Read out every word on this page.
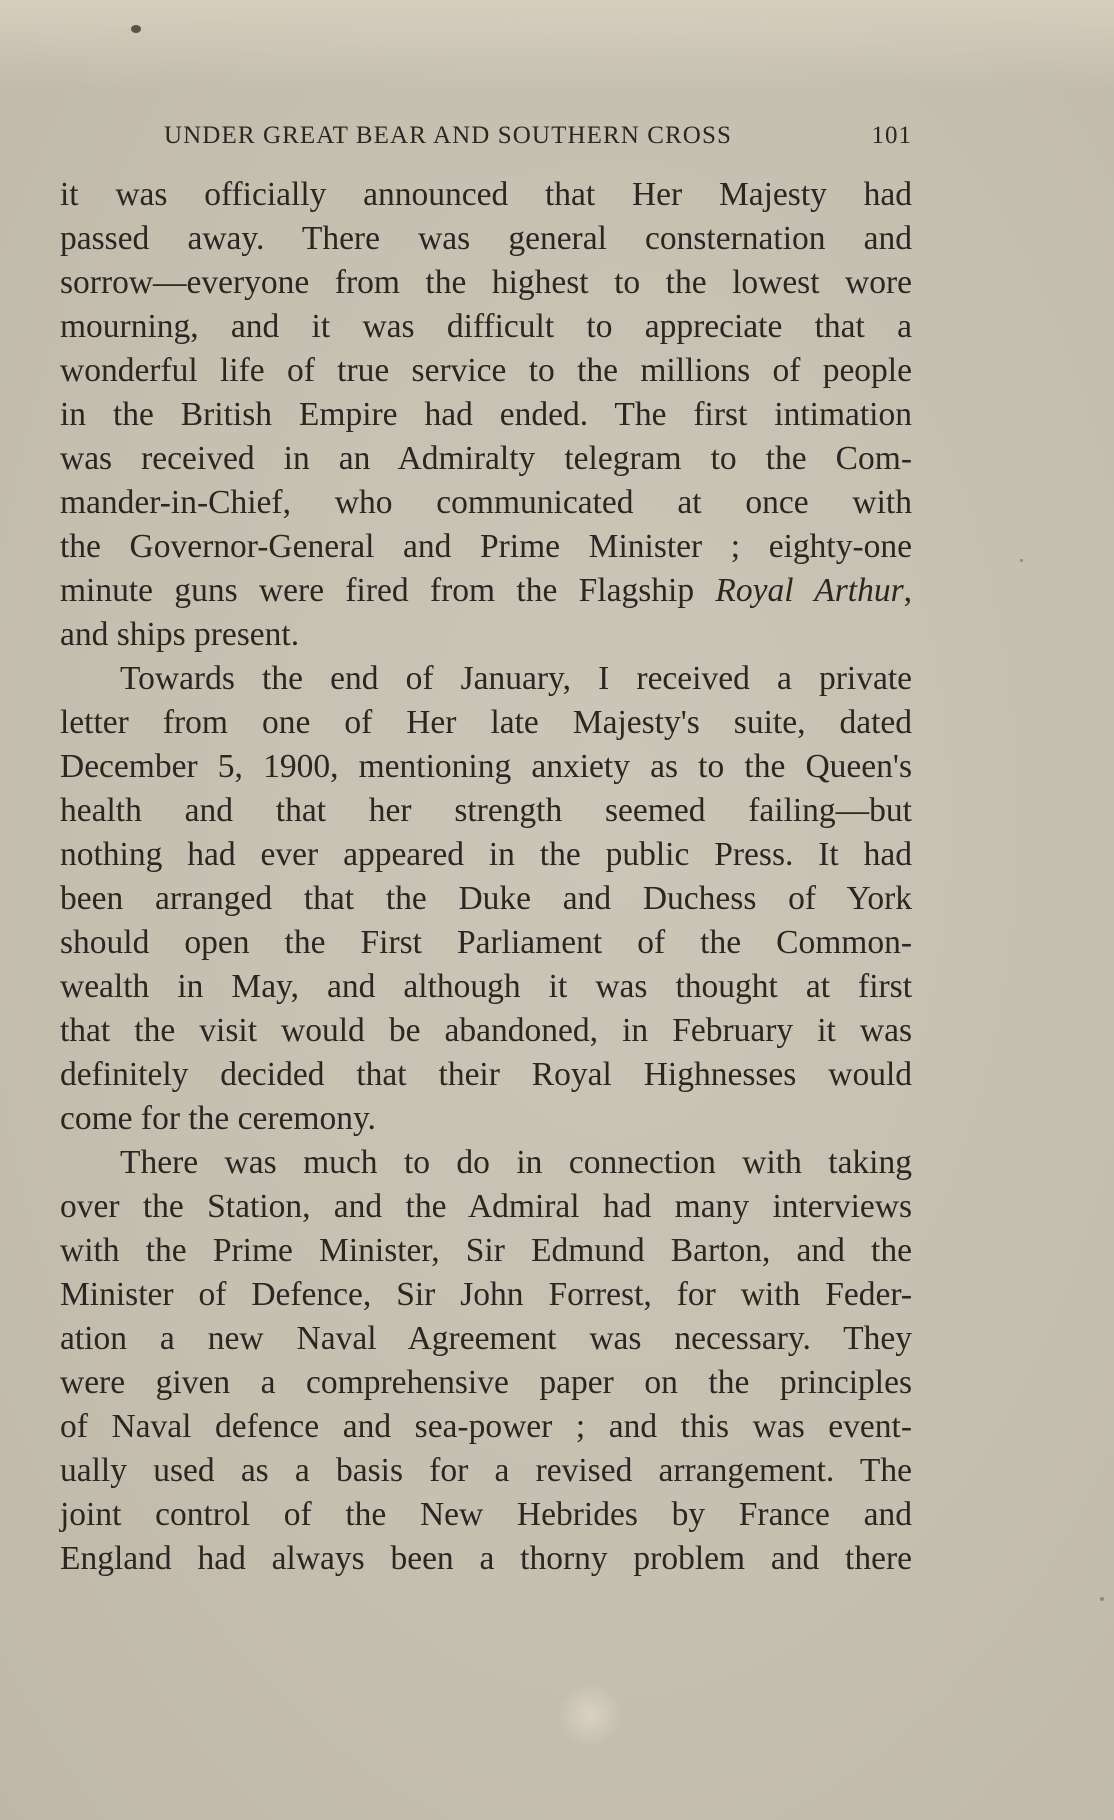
UNDER GREAT BEAR AND SOUTHERN CROSS	101
it was officially announced that Her Majesty had
passed away. There was general consternation and
sorrow—everyone from the highest to the lowest wore
mourning, and it was difficult to appreciate that a
wonderful life of true service to the millions of people
in the British Empire had ended. The first intimation
was received in an Admiralty telegram to the Com-
mander-in-Chief, who communicated at once with
the Governor-General and Prime Minister ; eighty-one
minute guns were fired from the Flagship Royal Arthur,
and ships present.
Towards the end of January, I received a private
letter from one of Her late Majesty's suite, dated
December 5, 1900, mentioning anxiety as to the Queen's
health and that her strength seemed failing—but
nothing had ever appeared in the public Press. It had
been arranged that the Duke and Duchess of York
should open the First Parliament of the Common-
wealth in May, and although it was thought at first
that the visit would be abandoned, in February it was
definitely decided that their Royal Highnesses would
come for the ceremony.
There was much to do in connection with taking
over the Station, and the Admiral had many interviews
with the Prime Minister, Sir Edmund Barton, and the
Minister of Defence, Sir John Forrest, for with Feder-
ation a new Naval Agreement was necessary. They
were given a comprehensive paper on the principles
of Naval defence and sea-power ; and this was event-
ually used as a basis for a revised arrangement. The
joint control of the New Hebrides by France and
England had always been a thorny problem and there
